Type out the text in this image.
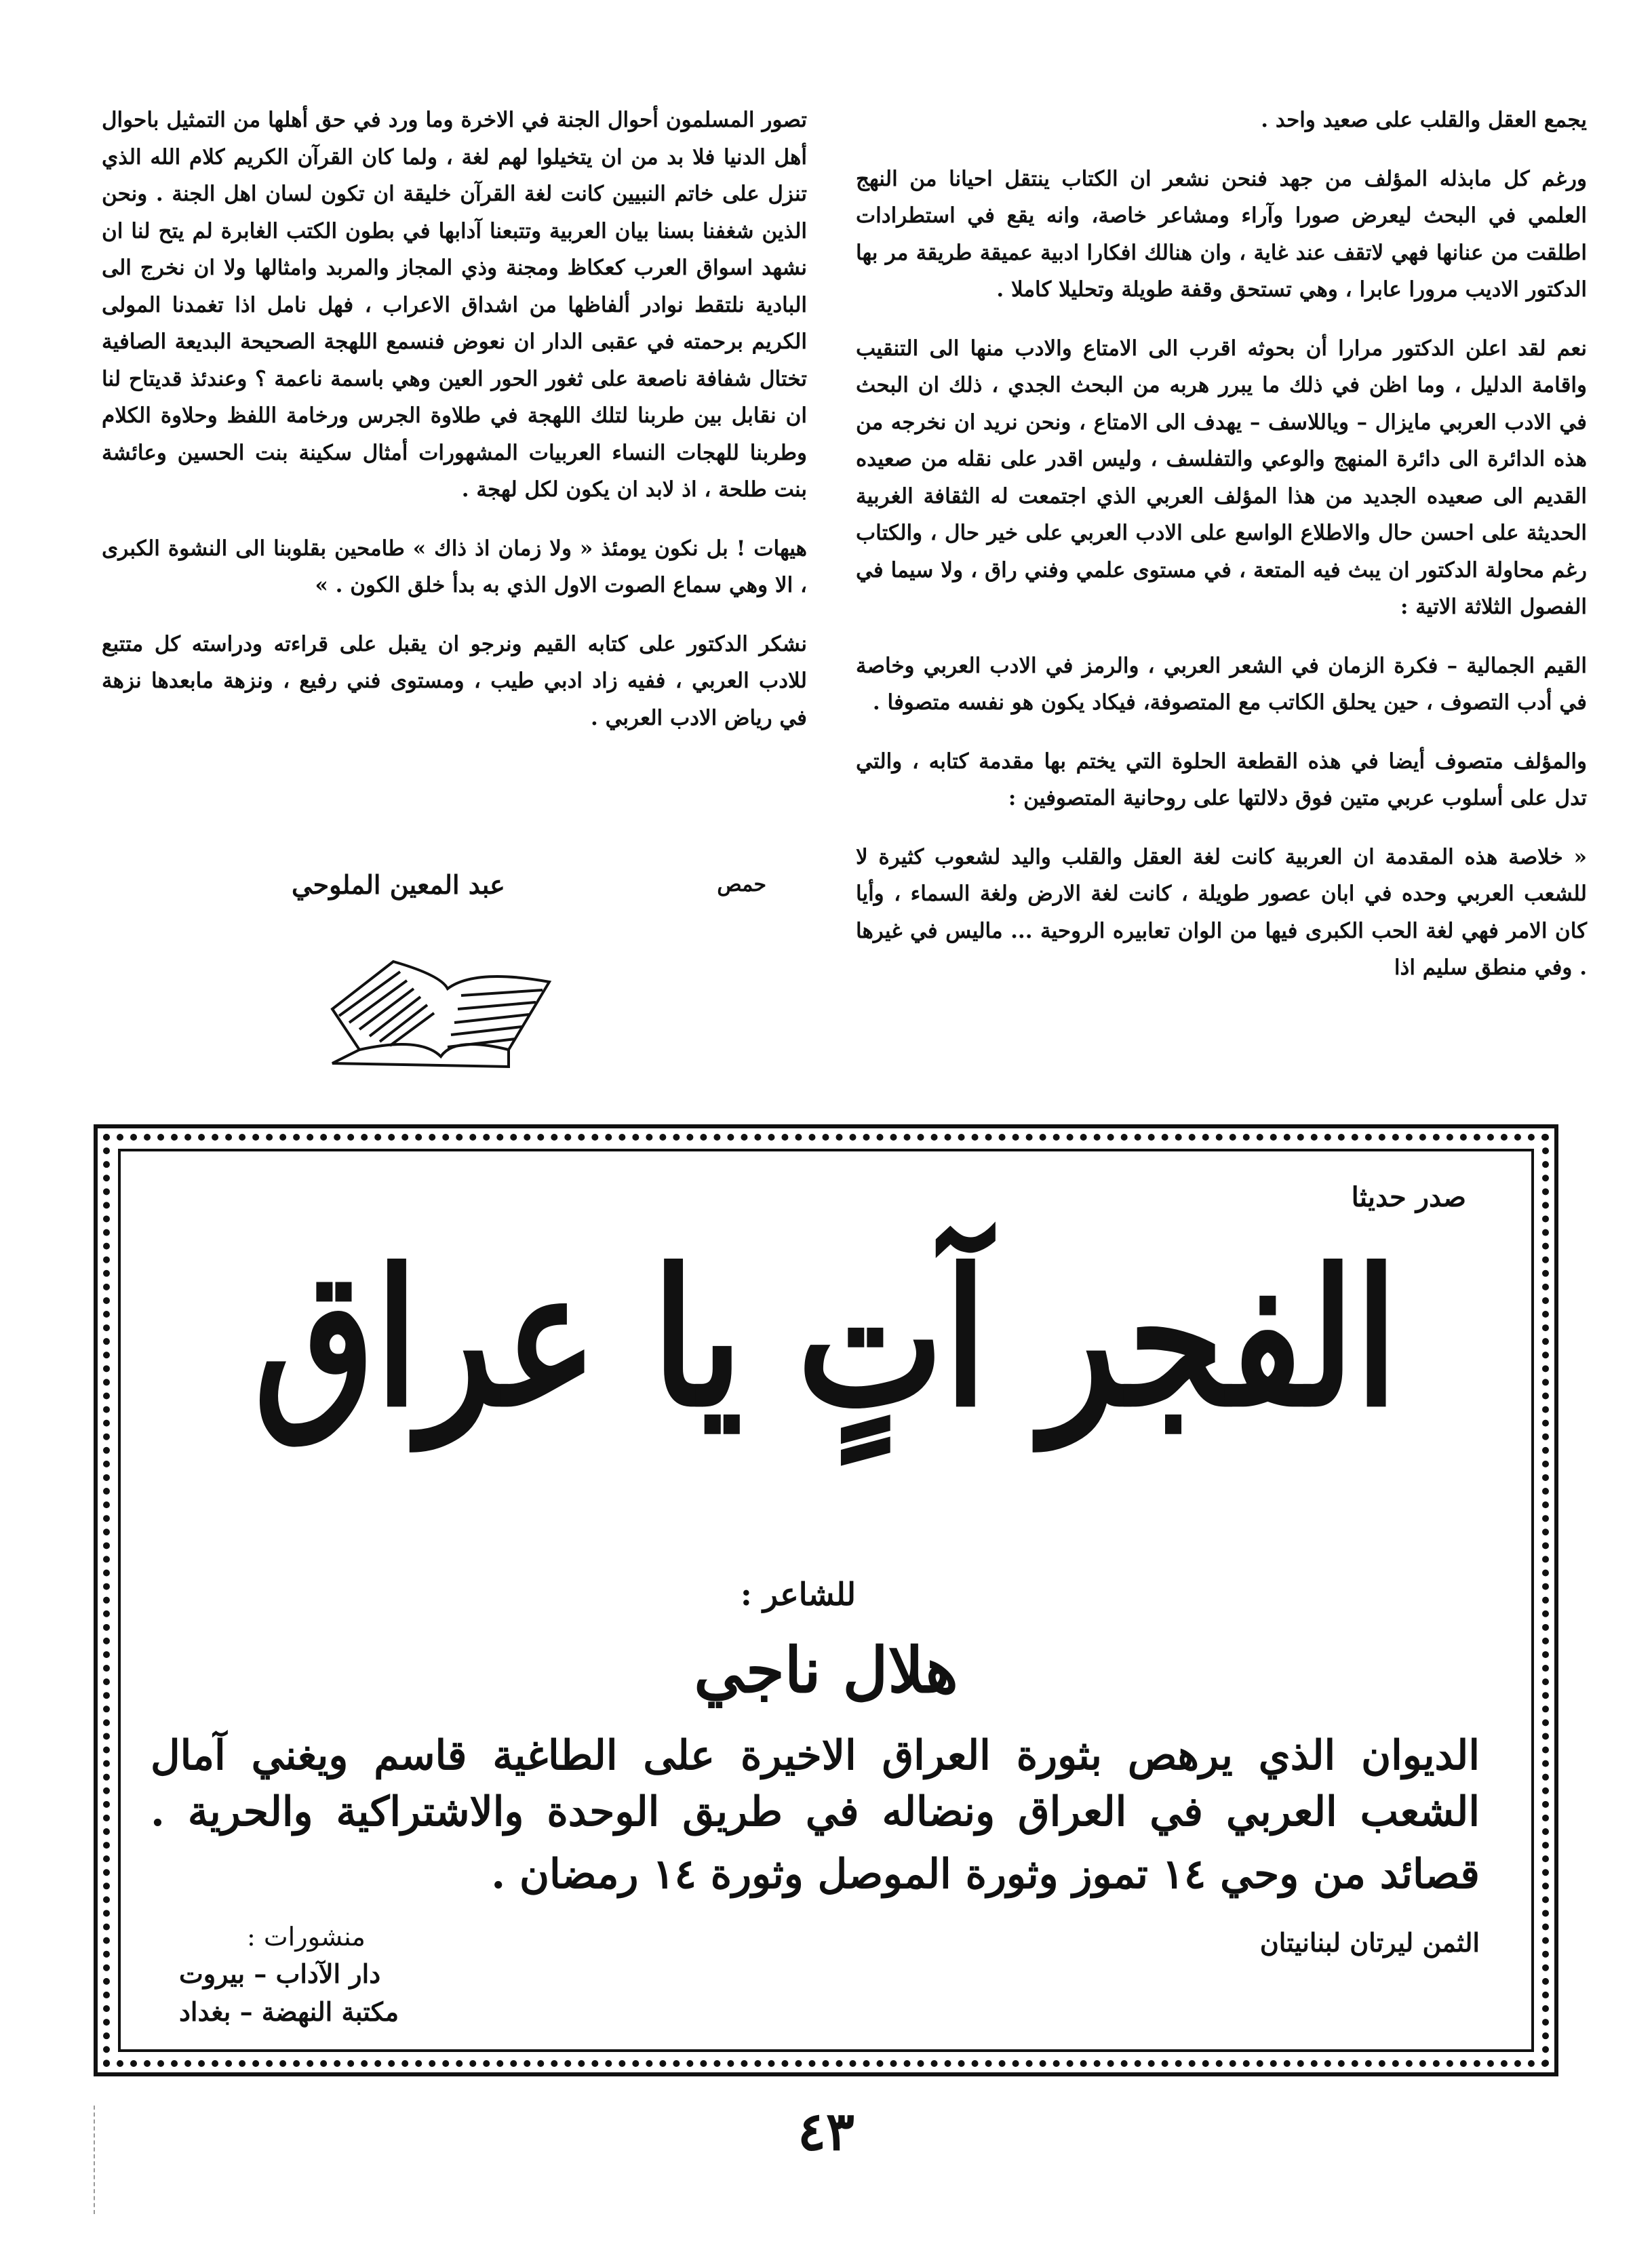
يجمع العقل والقلب على صعيد واحد .

ورغم كل مابذله المؤلف من جهد فنحن نشعر ان الكتاب ينتقل احيانا من النهج العلمي في البحث ليعرض صورا وآراء ومشاعر خاصة، وانه يقع في استطرادات اطلقت من عنانها فهي لاتقف عند غاية ، وان هنالك افكارا ادبية عميقة طريقة مر بها الدكتور الاديب مرورا عابرا ، وهي تستحق وقفة طويلة وتحليلا كاملا .

نعم لقد اعلن الدكتور مرارا أن بحوثه اقرب الى الامتاع والادب منها الى التنقيب واقامة الدليل ، وما اظن في ذلك ما يبرر هربه من البحث الجدي ، ذلك ان البحث في الادب العربي مايزال – وياللاسف – يهدف الى الامتاع ، ونحن نريد ان نخرجه من هذه الدائرة الى دائرة المنهج والوعي والتفلسف ، وليس اقدر على نقله من صعيده القديم الى صعيده الجديد من هذا المؤلف العربي الذي اجتمعت له الثقافة الغربية الحديثة على احسن حال والاطلاع الواسع على الادب العربي على خير حال ، والكتاب رغم محاولة الدكتور ان يبث فيه المتعة ، في مستوى علمي وفني راق ، ولا سيما في الفصول الثلاثة الاتية :

القيم الجمالية – فكرة الزمان في الشعر العربي ، والرمز في الادب العربي وخاصة في أدب التصوف ، حين يحلق الكاتب مع المتصوفة، فيكاد يكون هو نفسه متصوفا .

والمؤلف متصوف أيضا في هذه القطعة الحلوة التي يختم بها مقدمة كتابه ، والتي تدل على أسلوب عربي متين فوق دلالتها على روحانية المتصوفين :

« خلاصة هذه المقدمة ان العربية كانت لغة العقل والقلب واليد لشعوب كثيرة لا للشعب العربي وحده في ابان عصور طويلة ، كانت لغة الارض ولغة السماء ، وأيا كان الامر فهي لغة الحب الكبرى فيها من الوان تعابيره الروحية ... ماليس في غيرها . وفي منطق سليم اذا

تصور المسلمون أحوال الجنة في الاخرة وما ورد في حق أهلها من التمثيل باحوال أهل الدنيا فلا بد من ان يتخيلوا لهم لغة ، ولما كان القرآن الكريم كلام الله الذي تنزل على خاتم النبيين كانت لغة القرآن خليقة ان تكون لسان اهل الجنة . ونحن الذين شغفنا بسنا بيان العربية وتتبعنا آدابها في بطون الكتب الغابرة لم يتح لنا ان نشهد اسواق العرب كعكاظ ومجنة وذي المجاز والمربد وامثالها ولا ان نخرج الى البادية نلتقط نوادر ألفاظها من اشداق الاعراب ، فهل نامل اذا تغمدنا المولى الكريم برحمته في عقبى الدار ان نعوض فنسمع اللهجة الصحيحة البديعة الصافية تختال شفافة ناصعة على ثغور الحور العين وهي باسمة ناعمة ؟ وعندئذ قديتاح لنا ان نقابل بين طربنا لتلك اللهجة في طلاوة الجرس ورخامة اللفظ وحلاوة الكلام وطربنا للهجات النساء العربيات المشهورات أمثال سكينة بنت الحسين وعائشة بنت طلحة ، اذ لابد ان يكون لكل لهجة .

هيهات ! بل نكون يومئذ « ولا زمان اذ ذاك » طامحين بقلوبنا الى النشوة الكبرى ، الا وهي سماع الصوت الاول الذي به بدأ خلق الكون . »

نشكر الدكتور على كتابه القيم ونرجو ان يقبل على قراءته ودراسته كل متتبع للادب العربي ، ففيه زاد ادبي طيب ، ومستوى فني رفيع ، ونزهة مابعدها نزهة في رياض الادب العربي .

حمص
عبد المعين الملوحي
صدر حديثا
الفجر آتٍ يا عراق
للشاعر :
هلال ناجي
الديوان الذي يرهص بثورة العراق الاخيرة على الطاغية قاسم ويغني آمال
الشعب العربي في العراق ونضاله في طريق الوحدة والاشتراكية والحرية .
قصائد من وحي ١٤ تموز وثورة الموصل وثورة ١٤ رمضان .
الثمن ليرتان لبنانيتان
منشورات :
دار الآداب – بيروت
مكتبة النهضة – بغداد
٤٣
